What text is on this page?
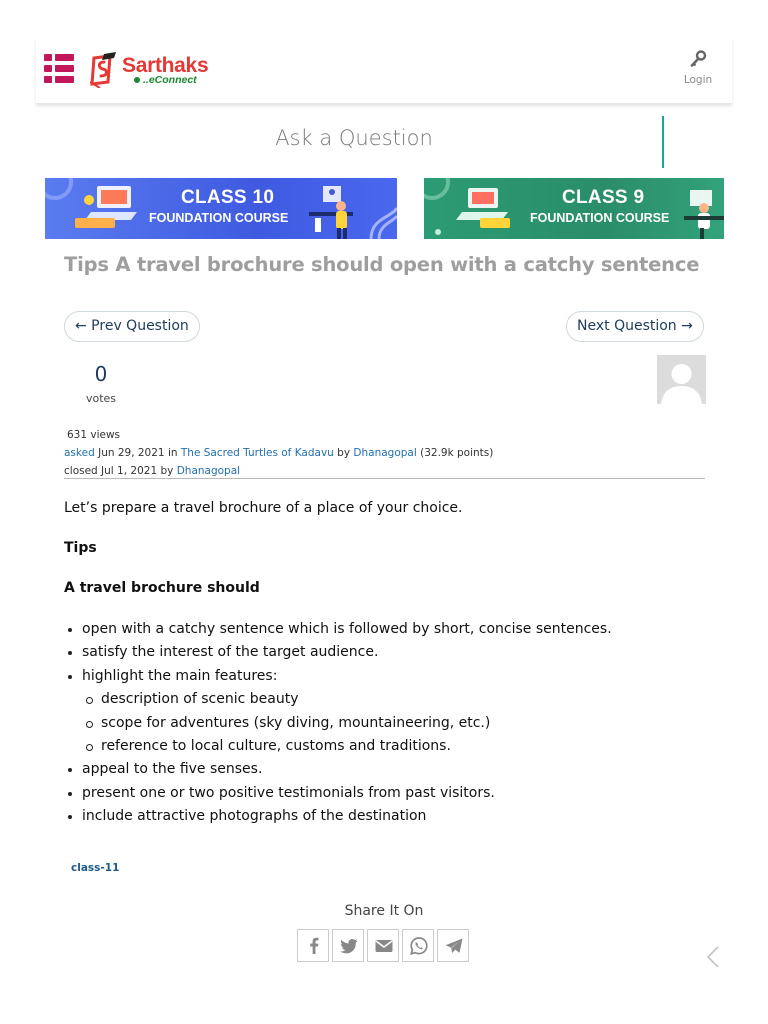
Sarthaks
..eConnect	Login
Ask a Question
CLASS 10
FOUNDATION COURSE
CLASS 9
FOUNDATION COURSE
Tips A travel brochure should open with a catchy sentence
← Prev Question	Next Question →
0
votes
631 views
asked Jun 29, 2021 in The Sacred Turtles of Kadavu by Dhanagopal (32.9k points)
closed Jul 1, 2021 by Dhanagopal

Let’s prepare a travel brochure of a place of your choice.

Tips

A travel brochure should

open with a catchy sentence which is followed by short, concise sentences.
satisfy the interest of the target audience.
highlight the main features:
description of scenic beauty
scope for adventures (sky diving, mountaineering, etc.)
reference to local culture, customs and traditions.
appeal to the five senses.
present one or two positive testimonials from past visitors.
include attractive photographs of the destination
class-11
Share It On
